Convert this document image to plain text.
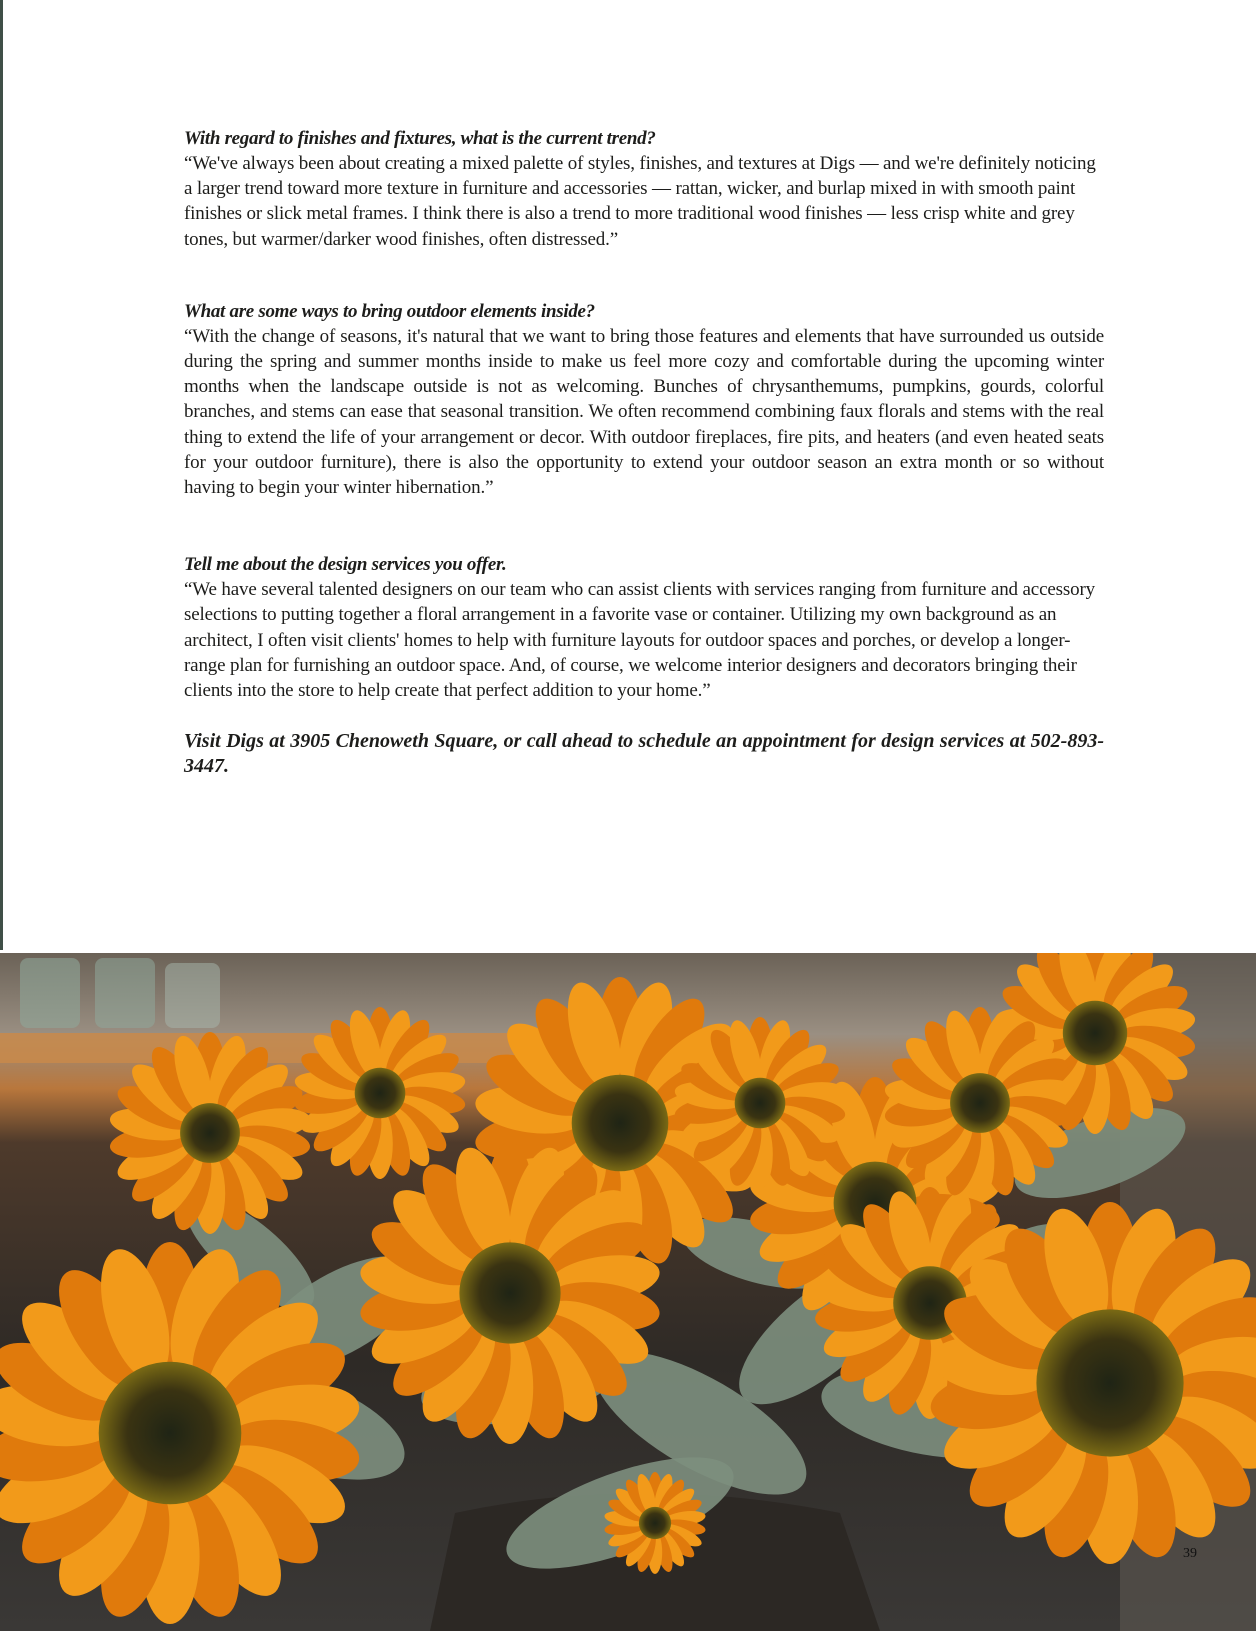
With regard to finishes and fixtures, what is the current trend?

“We've always been about creating a mixed palette of styles, finishes, and textures at Digs — and we're definitely noticing a larger trend toward more texture in furniture and accessories — rattan, wicker, and burlap mixed in with smooth paint finishes or slick metal frames. I think there is also a trend to more traditional wood finishes — less crisp white and grey tones, but warmer/darker wood finishes, often distressed.”

What are some ways to bring outdoor elements inside?

“With the change of seasons, it's natural that we want to bring those features and elements that have surrounded us outside during the spring and summer months inside to make us feel more cozy and comfortable during the upcoming winter months when the landscape outside is not as welcoming. Bunches of chrysanthemums, pumpkins, gourds, colorful branches, and stems can ease that seasonal transition. We often recommend combining faux florals and stems with the real thing to extend the life of your arrangement or decor. With outdoor fireplaces, fire pits, and heaters (and even heated seats for your outdoor furniture), there is also the opportunity to extend your outdoor season an extra month or so without having to begin your winter hibernation.”

Tell me about the design services you offer.

“We have several talented designers on our team who can assist clients with services ranging from furniture and accessory selections to putting together a floral arrangement in a favorite vase or container. Utilizing my own background as an architect, I often visit clients' homes to help with furniture layouts for outdoor spaces and porches, or develop a longer-range plan for furnishing an outdoor space. And, of course, we welcome interior designers and decorators bringing their clients into the store to help create that perfect addition to your home.”

Visit Digs at 3905 Chenoweth Square, or call ahead to schedule an appointment for design services at 502-893-3447.

39
